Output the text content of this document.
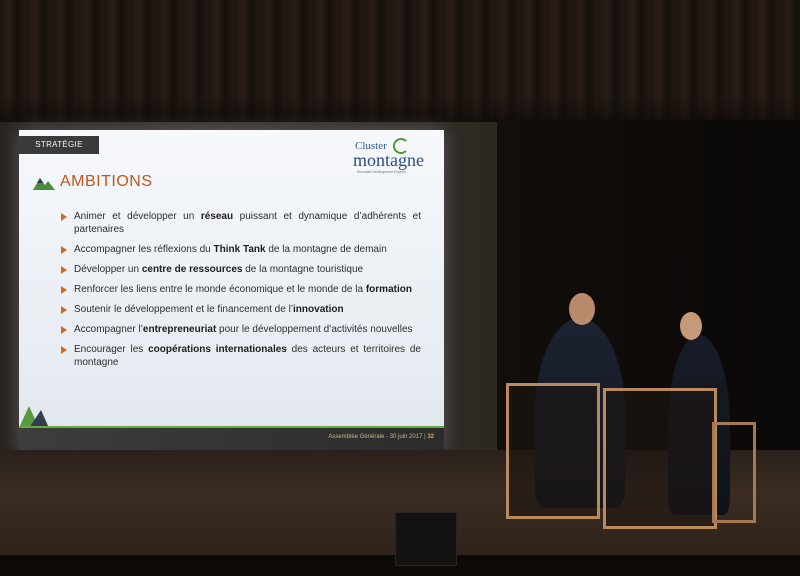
STRATÉGIE	Cluster
montagne
Mountain Development Experts
AMBITIONS
Animer et développer un réseau puissant et dynamique d’adhérents et partenaires
Accompagner les réflexions du Think Tank de la montagne de demain
Développer un centre de ressources de la montagne touristique
Renforcer les liens entre le monde économique et le monde de la formation
Soutenir le développement et le financement de l’innovation
Accompagner l’entrepreneuriat pour le développement d’activités nouvelles
Encourager les coopérations internationales des acteurs et territoires de montagne
Assemblée Générale - 30 juin 2017 | 32
